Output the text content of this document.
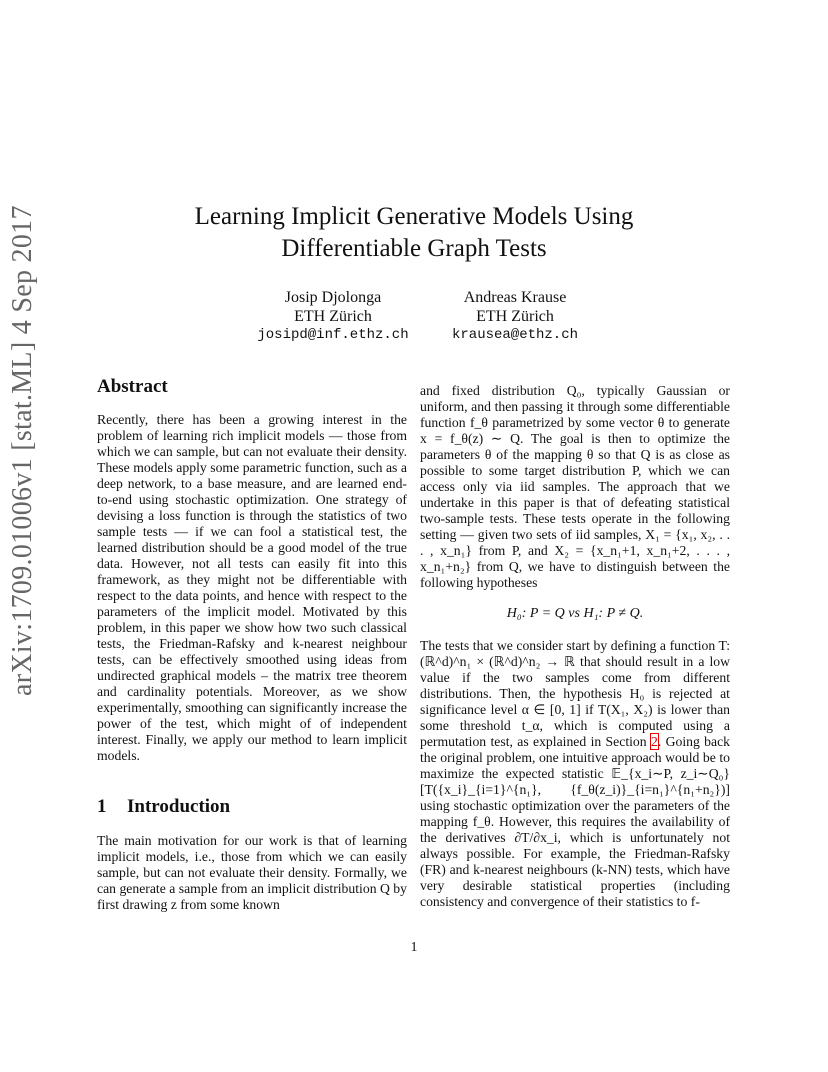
arXiv:1709.01006v1 [stat.ML] 4 Sep 2017	Learning Implicit Generative Models Using
Differentiable Graph Tests
Josip Djolonga
ETH Zürich
josipd@inf.ethz.ch
Andreas Krause
ETH Zürich
krausea@ethz.ch
Abstract

Recently, there has been a growing interest in the problem of learning rich implicit models — those from which we can sample, but can not evaluate their density. These models apply some parametric function, such as a deep network, to a base measure, and are learned end-to-end using stochastic optimization. One strategy of devising a loss function is through the statistics of two sample tests — if we can fool a statistical test, the learned distribution should be a good model of the true data. However, not all tests can easily fit into this framework, as they might not be differentiable with respect to the data points, and hence with respect to the parameters of the implicit model. Motivated by this problem, in this paper we show how two such classical tests, the Friedman-Rafsky and k-nearest neighbour tests, can be effectively smoothed using ideas from undirected graphical models – the matrix tree theorem and cardinality potentials. Moreover, as we show experimentally, smoothing can significantly increase the power of the test, which might of of independent interest. Finally, we apply our method to learn implicit models.

1 Introduction

The main motivation for our work is that of learning implicit models, i.e., those from which we can easily sample, but can not evaluate their density. Formally, we can generate a sample from an implicit distribution Q by first drawing z from some known

and fixed distribution Q₀, typically Gaussian or uniform, and then passing it through some differentiable function f_θ parametrized by some vector θ to generate x = f_θ(z) ∼ Q. The goal is then to optimize the parameters θ of the mapping θ so that Q is as close as possible to some target distribution P, which we can access only via iid samples. The approach that we undertake in this paper is that of defeating statistical two-sample tests. These tests operate in the following setting — given two sets of iid samples, X₁ = {x₁, x₂, . . . , x_n₁} from P, and X₂ = {x_n₁+1, x_n₁+2, . . . , x_n₁+n₂} from Q, we have to distinguish between the following hypotheses

H₀: P = Q vs H₁: P ≠ Q.

The tests that we consider start by defining a function T: (ℝ^d)^n₁ × (ℝ^d)^n₂ → ℝ that should result in a low value if the two samples come from different distributions. Then, the hypothesis H₀ is rejected at significance level α ∈ [0, 1] if T(X₁, X₂) is lower than some threshold t_α, which is computed using a permutation test, as explained in Section 2. Going back the original problem, one intuitive approach would be to maximize the expected statistic 𝔼_{x_i∼P, z_i∼Q₀}[T({x_i}_{i=1}^{n₁}, {f_θ(z_i)}_{i=n₁}^{n₁+n₂})] using stochastic optimization over the parameters of the mapping f_θ. However, this requires the availability of the derivatives ∂T/∂x_i, which is unfortunately not always possible. For example, the Friedman-Rafsky (FR) and k-nearest neighbours (k-NN) tests, which have very desirable statistical properties (including consistency and convergence of their statistics to f-

1
